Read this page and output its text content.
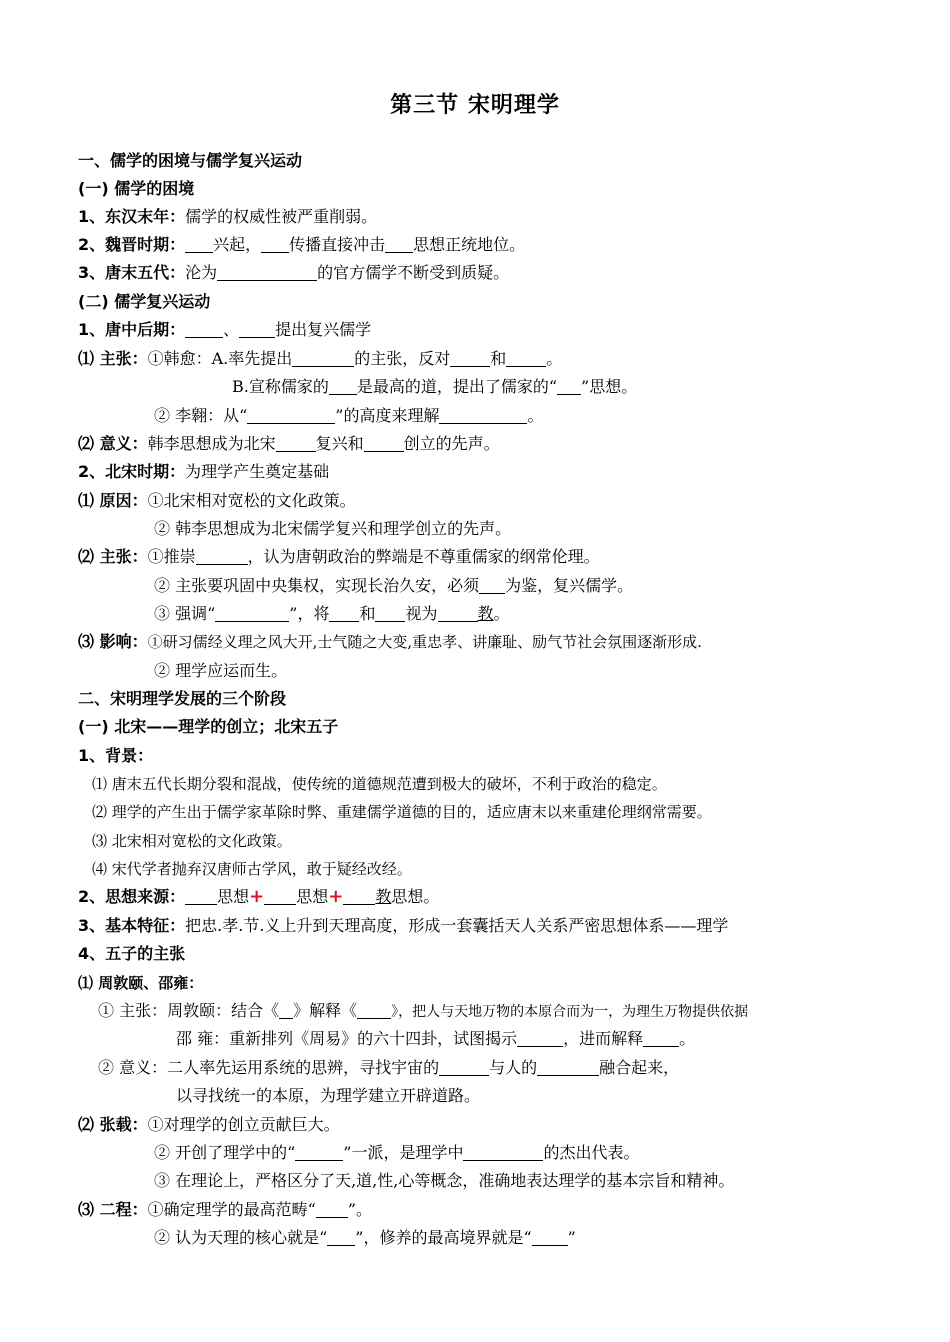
第三节 宋明理学
一、儒学的困境与儒学复兴运动
(一) 儒学的困境
1、东汉末年：儒学的权威性被严重削弱。
2、魏晋时期： 兴起， 传播直接冲击 思想正统地位。
3、唐末五代：沦为	的官方儒学不断受到质疑。
(二) 儒学复兴运动
1、唐中后期： 、 提出复兴儒学
⑴ 主张：①韩愈：A.率先提出	的主张，反对	和	。
B.宣称儒家的 是最高的道，提出了儒家的“ ”思想。
② 李翱：从“	”的高度来理解	。
⑵ 意义：韩李思想成为北宋	复兴和	创立的先声。
2、北宋时期：为理学产生奠定基础
⑴ 原因：①北宋相对宽松的文化政策。
② 韩李思想成为北宋儒学复兴和理学创立的先声。
⑵ 主张：①推崇	，认为唐朝政治的弊端是不尊重儒家的纲常伦理。
② 主张要巩固中央集权，实现长治久安，必须 为鉴，复兴儒学。
③ 强调“	”，将 和 视为	教。
⑶ 影响：①研习儒经义理之风大开,士气随之大变,重忠孝、讲廉耻、励气节社会氛围逐渐形成.
② 理学应运而生。
二、宋明理学发展的三个阶段
(一) 北宋——理学的创立；北宋五子
1、背景：
⑴ 唐末五代长期分裂和混战，使传统的道德规范遭到极大的破坏，不利于政治的稳定。
⑵ 理学的产生出于儒学家革除时弊、重建儒学道德的目的，适应唐末以来重建伦理纲常需要。
⑶ 北宋相对宽松的文化政策。
⑷ 宋代学者抛弃汉唐师古学风，敢于疑经改经。
2、思想来源： 思想+ 思想+ 教思想。
3、基本特征：把忠.孝.节.义上升到天理高度，形成一套囊括天人关系严密思想体系——理学
4、五子的主张
⑴ 周敦颐、邵雍：
① 主张：周敦颐：结合《 》解释《 》，把人与天地万物的本原合而为一，为理生万物提供依据
邵 雍：重新排列《周易》的六十四卦，试图揭示	，进而解释 。
② 意义：二人率先运用系统的思辨，寻找宇宙的	与人的	融合起来，
以寻找统一的本原，为理学建立开辟道路。
⑵ 张载：①对理学的创立贡献巨大。
② 开创了理学中的“	”一派，是理学中	的杰出代表。
③ 在理论上，严格区分了天,道,性,心等概念，准确地表达理学的基本宗旨和精神。
⑶ 二程：①确定理学的最高范畴“ ”。
② 认为天理的核心就是“ ”，修养的最高境界就是“ ”
